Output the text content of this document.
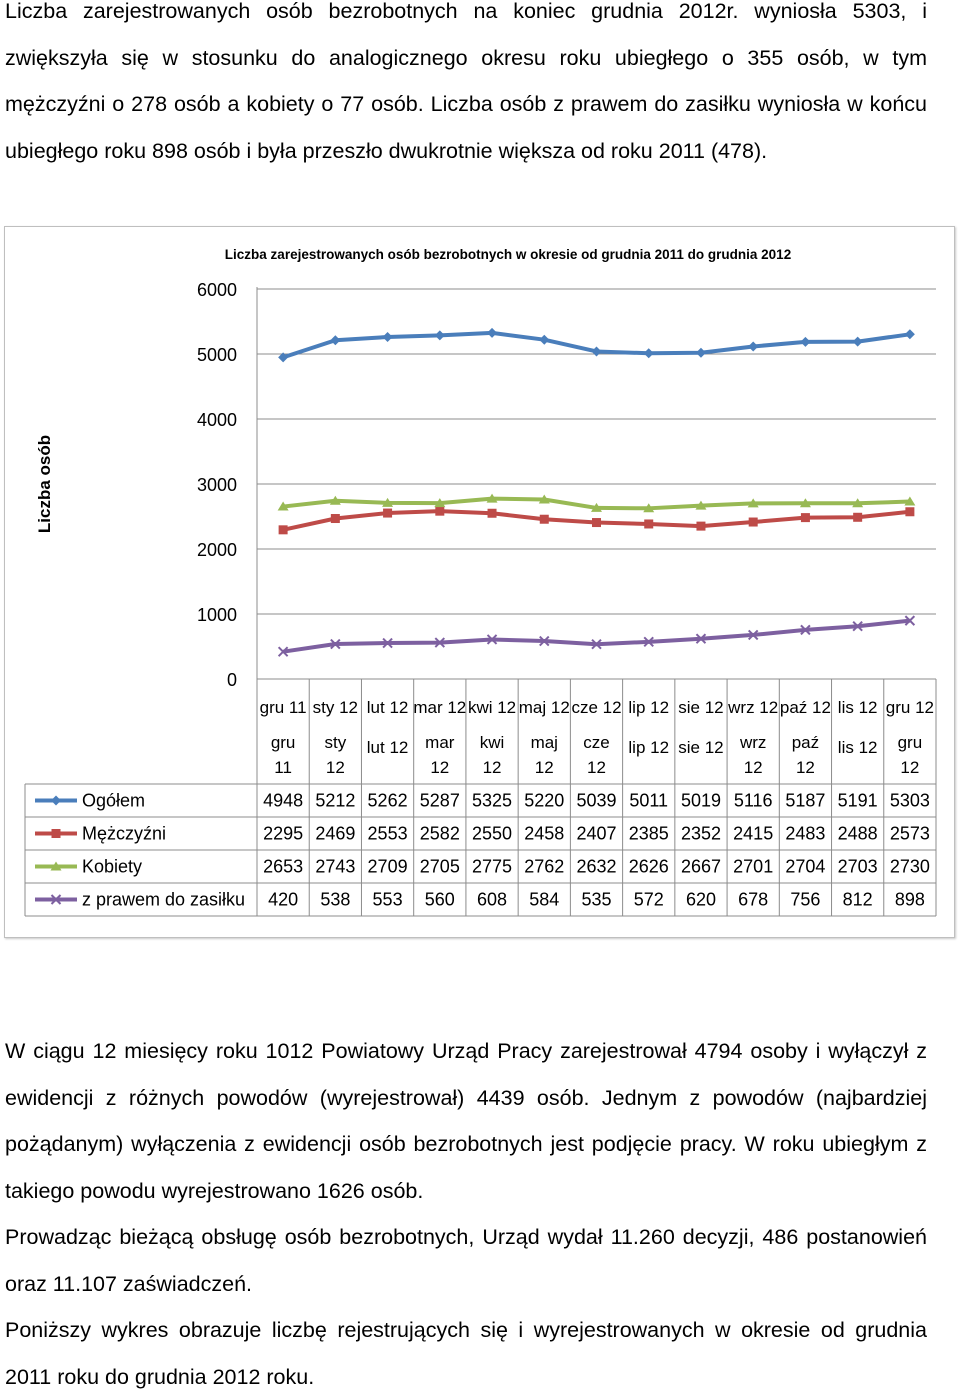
Liczba zarejestrowanych osób bezrobotnych na koniec grudnia 2012r. wyniosła 5303, i zwiększyła się w stosunku do analogicznego okresu roku ubiegłego o 355 osób, w tym mężczyźni o 278 osób a kobiety o 77 osób. Liczba osób z prawem do zasiłku wyniosła w końcu ubiegłego roku 898 osób i była przeszło dwukrotnie większa od roku 2011 (478).

Liczba zarejestrowanych osób bezrobotnych w okresie od grudnia 2011 do grudnia 2012
Liczba osób
0
1000
2000
3000
4000
5000
6000
gru 11 sty 12 lut 12 mar 12 kwi 12 maj 12 cze 12 lip 12 sie 12 wrz 12 paź 12 lis 12 gru 12
gru 11
sty 12
lut 12 mar 12
kwi 12
maj 12
cze 12
lip 12 sie 12 wrz 12
paź 12
lis 12 gru 12
Ogółem	4948 5212 5262 5287 5325 5220 5039 5011 5019 5116 5187 5191 5303
Mężczyźni	2295 2469 2553 2582 2550 2458 2407 2385 2352 2415 2483 2488 2573
Kobiety	2653 2743 2709 2705 2775 2762 2632 2626 2667 2701 2704 2703 2730
z prawem do zasiłku 420 538 553 560 608 584 535 572 620 678 756 812 898

W ciągu 12 miesięcy roku 1012 Powiatowy Urząd Pracy zarejestrował 4794 osoby i wyłączył z ewidencji z różnych powodów (wyrejestrował) 4439 osób. Jednym z powodów (najbardziej pożądanym) wyłączenia z ewidencji osób bezrobotnych jest podjęcie pracy. W roku ubiegłym z takiego powodu wyrejestrowano 1626 osób.

Prowadząc bieżącą obsługę osób bezrobotnych, Urząd wydał 11.260 decyzji, 486 postanowień oraz 11.107 zaświadczeń.

Poniższy wykres obrazuje liczbę rejestrujących się i wyrejestrowanych w okresie od grudnia 2011 roku do grudnia 2012 roku.
